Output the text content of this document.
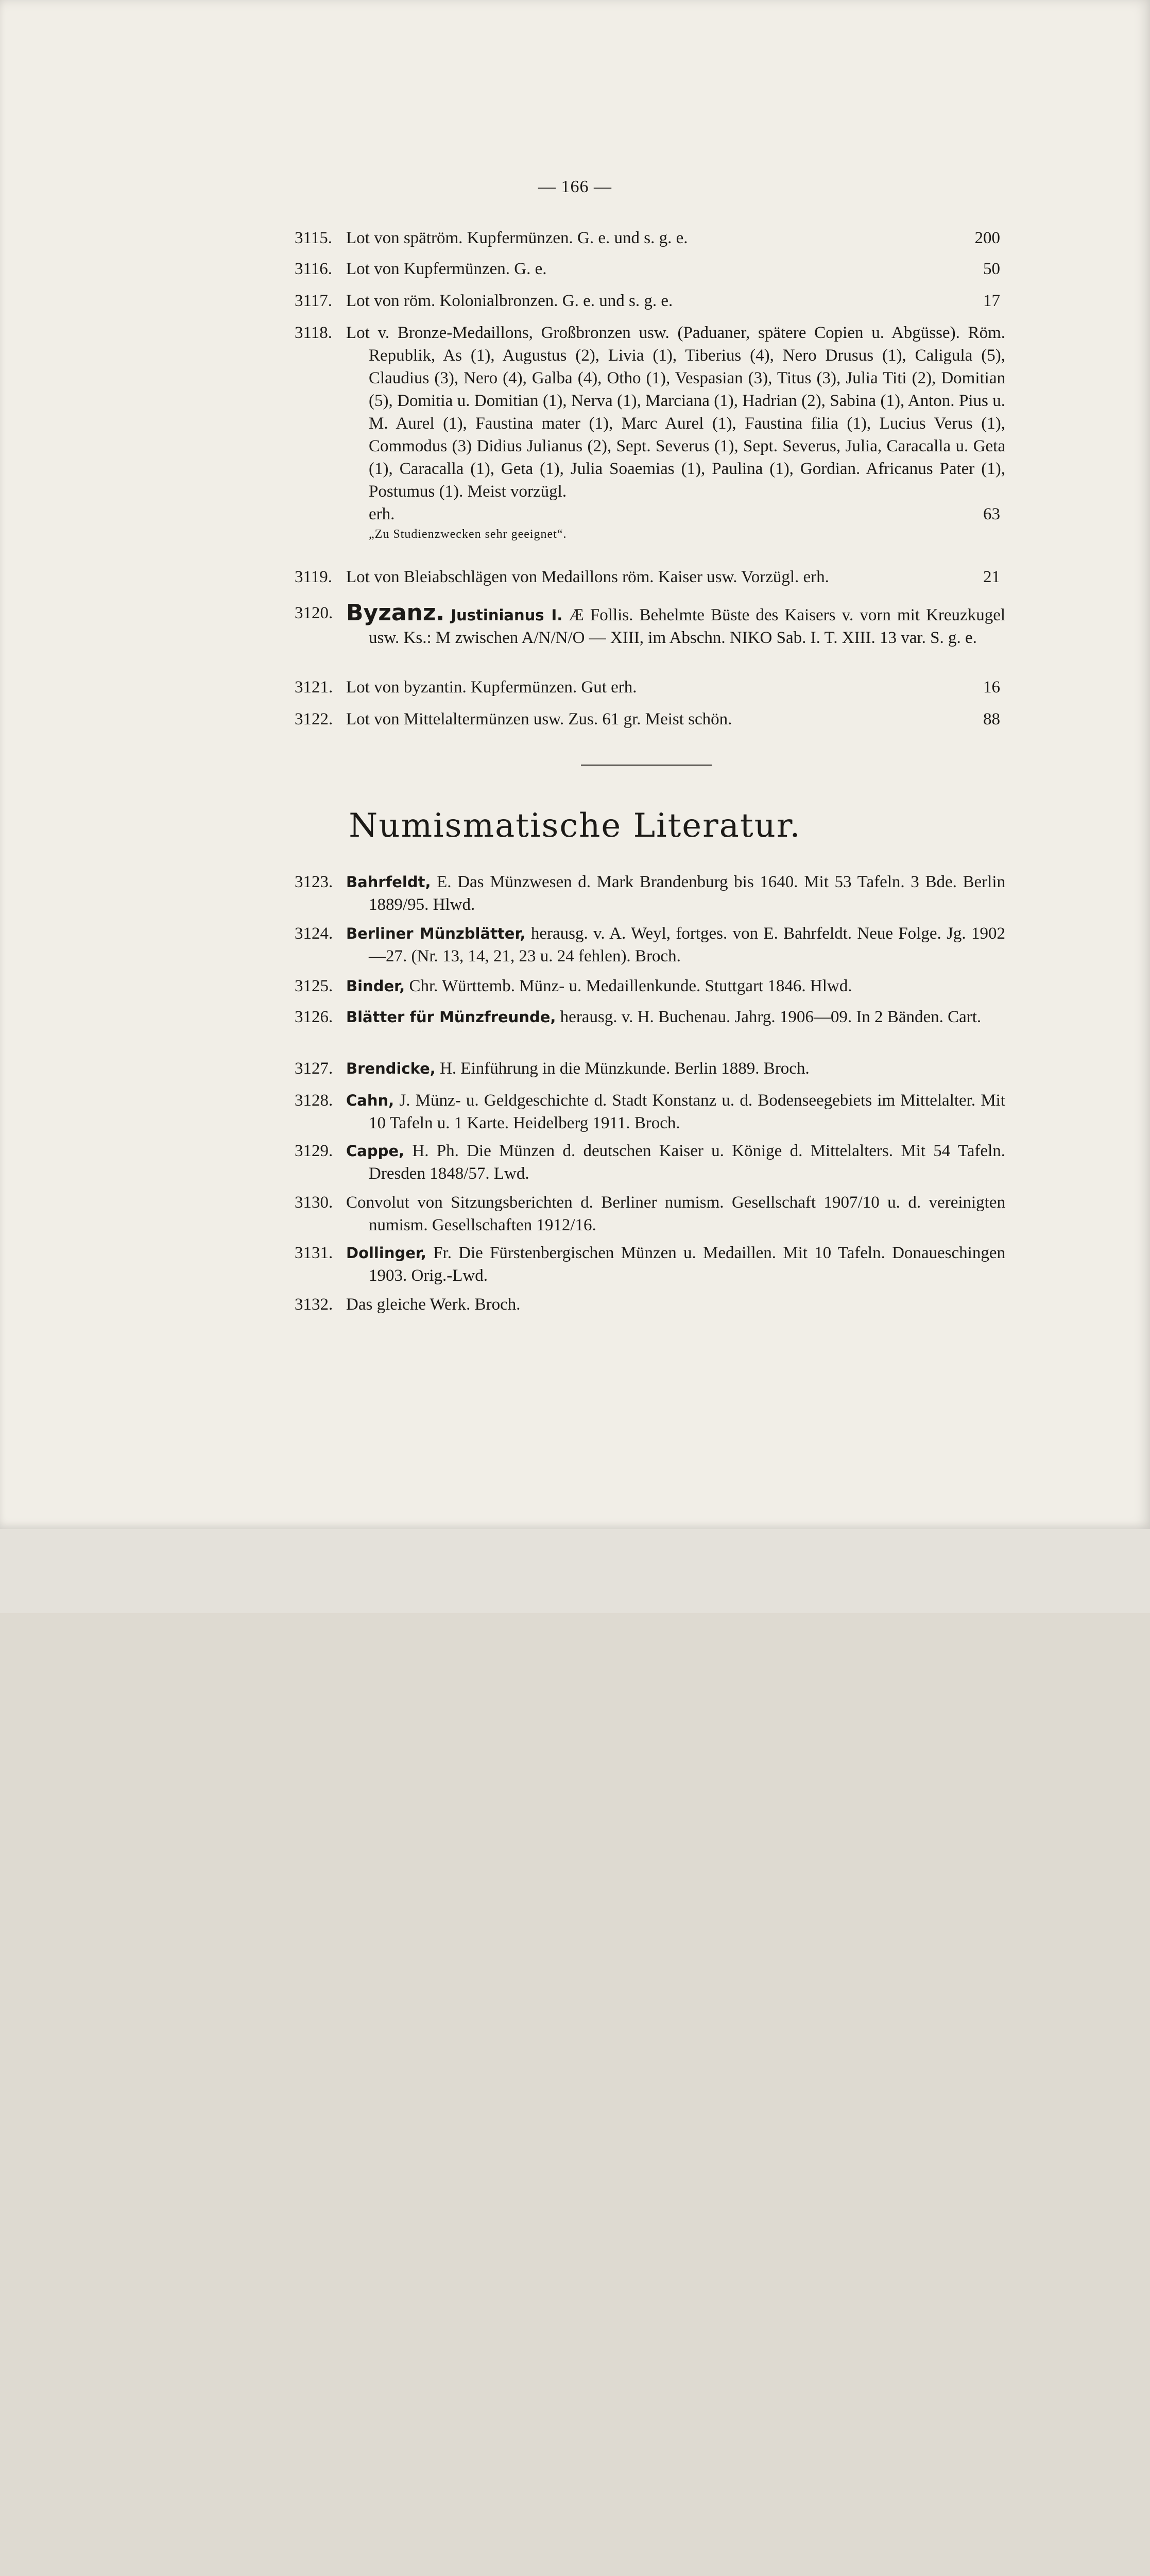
— 166 —
3115. Lot von spätröm. Kupfermünzen. G. e. und s. g. e.	200
3116. Lot von Kupfermünzen. G. e.	50
3117. Lot von röm. Kolonialbronzen. G. e. und s. g. e.	17
3118. Lot v. Bronze-Medaillons, Großbronzen usw. (Paduaner, spätere Copien u. Abgüsse). Röm. Republik, As (1), Augustus (2), Livia (1), Tiberius (4), Nero Drusus (1), Caligula (5), Claudius (3), Nero (4), Galba (4), Otho (1), Vespasian (3), Titus (3), Julia Titi (2), Domitian (5), Domitia u. Domitian (1), Nerva (1), Marciana (1), Hadrian (2), Sabina (1), Anton. Pius u. M. Aurel (1), Faustina mater (1), Marc Aurel (1), Faustina filia (1), Lucius Verus (1), Commodus (3) Didius Julianus (2), Sept. Severus (1), Sept. Severus, Julia, Caracalla u. Geta (1), Caracalla (1), Geta (1), Julia Soaemias (1), Paulina (1), Gordian. Africanus Pater (1), Postumus (1). Meist vorzügl.
erh.	63
„Zu Studienzwecken sehr geeignet“.
3119. Lot von Bleiabschlägen von Medaillons röm. Kaiser usw. Vorzügl. erh.	21
3120. Byzanz. Justinianus I. Æ Follis. Behelmte Büste des Kaisers v. vorn mit Kreuzkugel usw. Ks.: M zwischen A/N/N/O — XIII, im Abschn. NIKO Sab. I. T. XIII. 13 var. S. g. e.
3121. Lot von byzantin. Kupfermünzen. Gut erh.	16
3122. Lot von Mittelaltermünzen usw. Zus. 61 gr. Meist schön.	88
Numismatische Literatur.
3123. Bahrfeldt, E. Das Münzwesen d. Mark Brandenburg bis 1640. Mit 53 Tafeln. 3 Bde. Berlin 1889/95. Hlwd.
3124. Berliner Münzblätter, herausg. v. A. Weyl, fortges. von E. Bahrfeldt. Neue Folge. Jg. 1902—27. (Nr. 13, 14, 21, 23 u. 24 fehlen). Broch.
3125. Binder, Chr. Württemb. Münz- u. Medaillenkunde. Stuttgart 1846. Hlwd.
3126. Blätter für Münzfreunde, herausg. v. H. Buchenau. Jahrg. 1906—09. In 2 Bänden. Cart.
3127. Brendicke, H. Einführung in die Münzkunde. Berlin 1889. Broch.
3128. Cahn, J. Münz- u. Geldgeschichte d. Stadt Konstanz u. d. Bodenseegebiets im Mittelalter. Mit 10 Tafeln u. 1 Karte. Heidelberg 1911. Broch.
3129. Cappe, H. Ph. Die Münzen d. deutschen Kaiser u. Könige d. Mittelalters. Mit 54 Tafeln. Dresden 1848/57. Lwd.
3130. Convolut von Sitzungsberichten d. Berliner numism. Gesellschaft 1907/10 u. d. vereinigten numism. Gesellschaften 1912/16.
3131. Dollinger, Fr. Die Fürstenbergischen Münzen u. Medaillen. Mit 10 Tafeln. Donaueschingen 1903. Orig.-Lwd.
3132. Das gleiche Werk. Broch.
